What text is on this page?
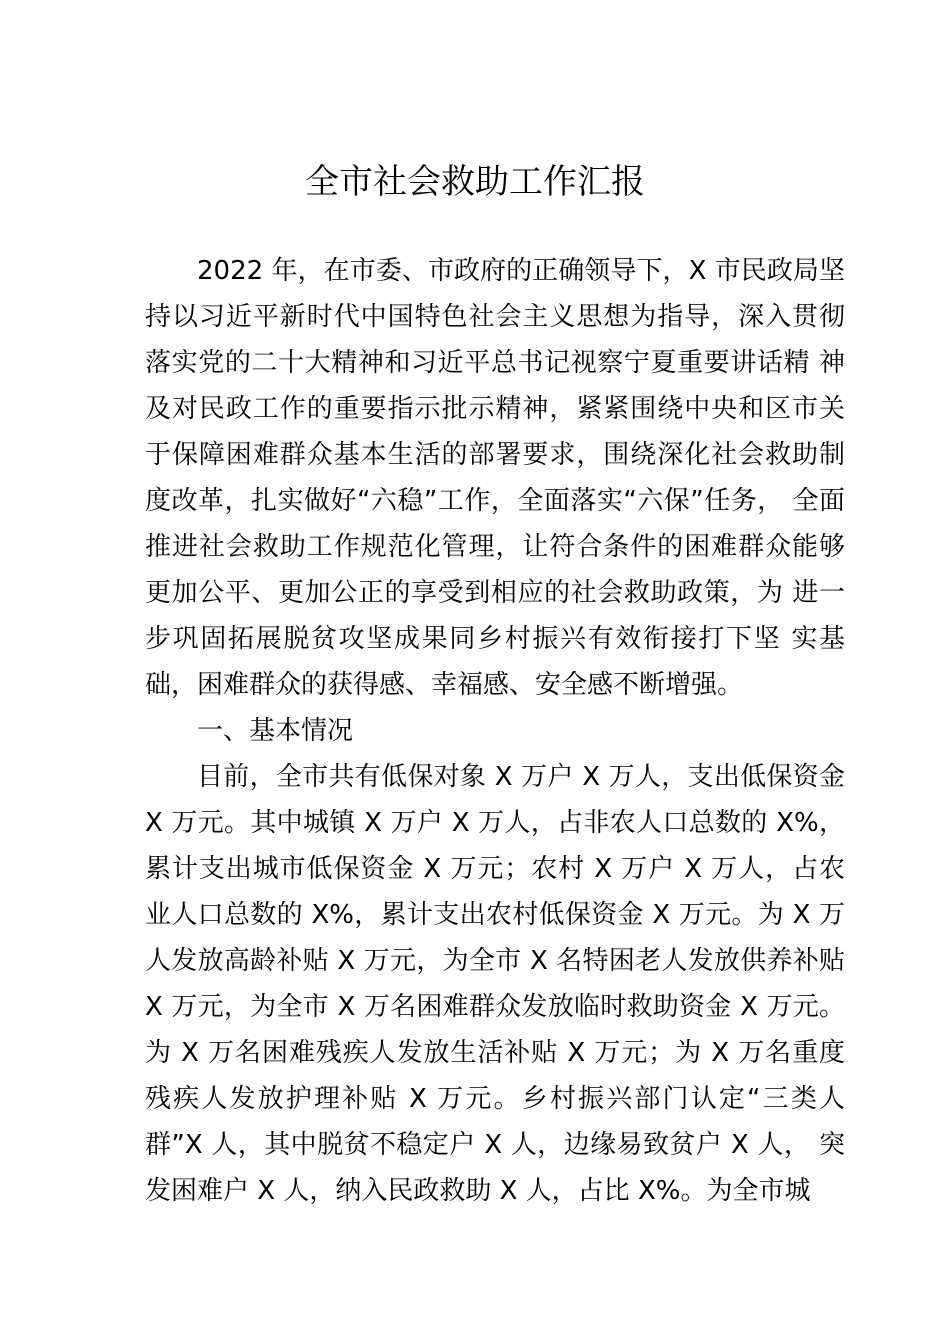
全市社会救助工作汇报

2022 年，在市委、市政府的正确领导下，X 市民政局坚持以习近平新时代中国特色社会主义思想为指导，深入贯彻落实党的二十大精神和习近平总书记视察宁夏重要讲话精 神及对民政工作的重要指示批示精神，紧紧围绕中央和区市关于保障困难群众基本生活的部署要求，围绕深化社会救助制度改革，扎实做好“六稳”工作，全面落实“六保”任务， 全面推进社会救助工作规范化管理，让符合条件的困难群众能够更加公平、更加公正的享受到相应的社会救助政策，为 进一步巩固拓展脱贫攻坚成果同乡村振兴有效衔接打下坚 实基础，困难群众的获得感、幸福感、安全感不断增强。

一、基本情况

目前，全市共有低保对象 X 万户 X 万人，支出低保资金 X 万元。其中城镇 X 万户 X 万人，占非农人口总数的 X%， 累计支出城市低保资金 X 万元；农村 X 万户 X 万人，占农业人口总数的 X%，累计支出农村低保资金 X 万元。为 X 万人发放高龄补贴 X 万元，为全市 X 名特困老人发放供养补贴 X 万元，为全市 X 万名困难群众发放临时救助资金 X 万元。为 X 万名困难残疾人发放生活补贴 X 万元；为 X 万名重度残疾人发放护理补贴 X 万元。乡村振兴部门认定“三类人群”X 人，其中脱贫不稳定户 X 人，边缘易致贫户 X 人， 突发困难户 X 人，纳入民政救助 X 人，占比 X%。为全市城
